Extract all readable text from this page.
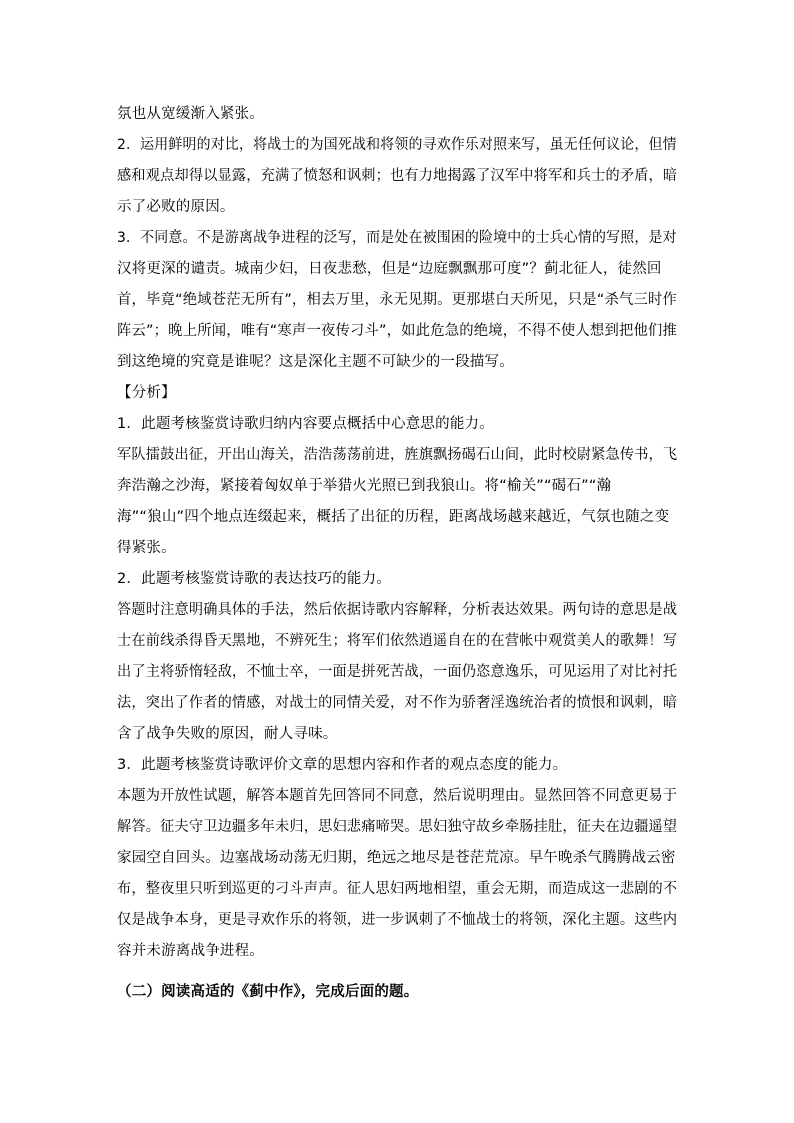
氛也从宽缓渐入紧张。
2．运用鲜明的对比，将战士的为国死战和将领的寻欢作乐对照来写，虽无任何议论，但情
感和观点却得以显露，充满了愤怒和讽刺；也有力地揭露了汉军中将军和兵士的矛盾，暗
示了必败的原因。
3．不同意。不是游离战争进程的泛写，而是处在被围困的险境中的士兵心情的写照，是对
汉将更深的谴责。城南少妇，日夜悲愁，但是“边庭飘飘那可度”？蓟北征人，徒然回
首，毕竟“绝域苍茫无所有”，相去万里，永无见期。更那堪白天所见，只是“杀气三时作
阵云”；晚上所闻，唯有“寒声一夜传刁斗”，如此危急的绝境，不得不使人想到把他们推
到这绝境的究竟是谁呢？这是深化主题不可缺少的一段描写。
【分析】
1．此题考核鉴赏诗歌归纳内容要点概括中心意思的能力。
军队擂鼓出征，开出山海关，浩浩荡荡前进，旌旗飘扬碣石山间，此时校尉紧急传书，飞
奔浩瀚之沙海，紧接着匈奴单于举猎火光照已到我狼山。将“榆关”“碣石”“瀚
海”“狼山”四个地点连缀起来，概括了出征的历程，距离战场越来越近，气氛也随之变
得紧张。
2．此题考核鉴赏诗歌的表达技巧的能力。
答题时注意明确具体的手法，然后依据诗歌内容解释，分析表达效果。两句诗的意思是战
士在前线杀得昏天黑地，不辨死生；将军们依然逍遥自在的在营帐中观赏美人的歌舞！写
出了主将骄惰轻敌，不恤士卒，一面是拼死苦战，一面仍恣意逸乐，可见运用了对比衬托
法，突出了作者的情感，对战士的同情关爱，对不作为骄奢淫逸统治者的愤恨和讽刺，暗
含了战争失败的原因，耐人寻味。
3．此题考核鉴赏诗歌评价文章的思想内容和作者的观点态度的能力。
本题为开放性试题，解答本题首先回答同不同意，然后说明理由。显然回答不同意更易于
解答。征夫守卫边疆多年未归，思妇悲痛啼哭。思妇独守故乡牵肠挂肚，征夫在边疆遥望
家园空自回头。边塞战场动荡无归期，绝远之地尽是苍茫荒凉。早午晚杀气腾腾战云密
布，整夜里只听到巡更的刁斗声声。征人思妇两地相望，重会无期，而造成这一悲剧的不
仅是战争本身，更是寻欢作乐的将领，进一步讽刺了不恤战士的将领，深化主题。这些内
容并未游离战争进程。
（二）阅读高适的《蓟中作》，完成后面的题。
